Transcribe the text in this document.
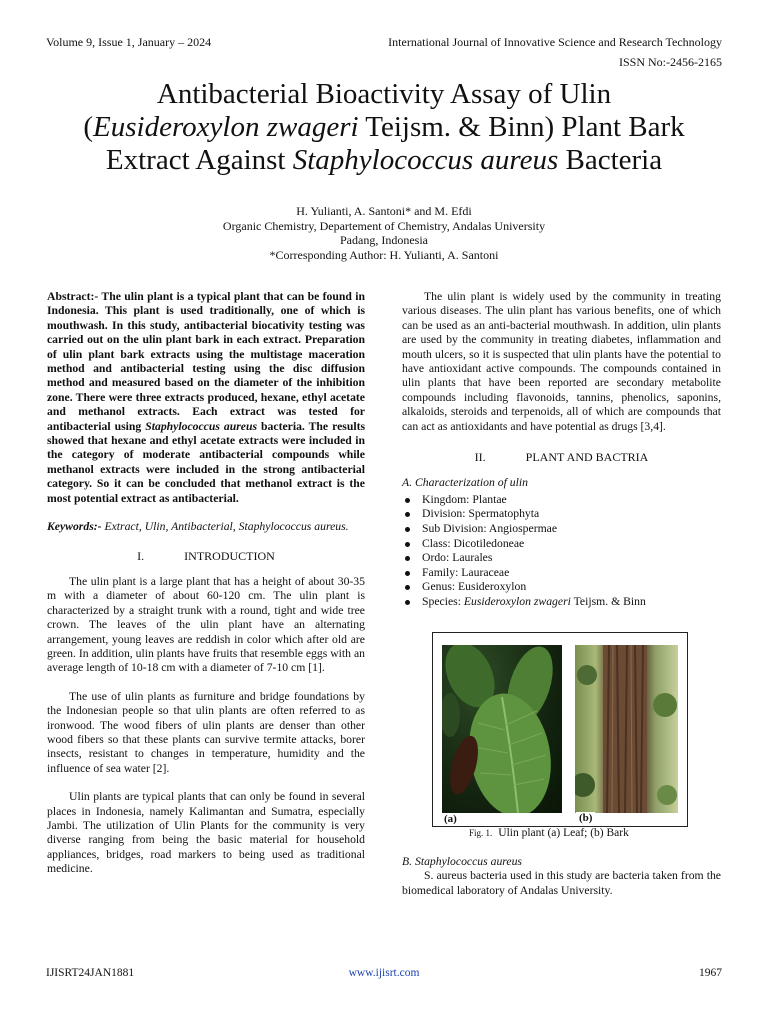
Volume 9, Issue 1, January – 2024	International Journal of Innovative Science and Research Technology
ISSN No:-2456-2165
Antibacterial Bioactivity Assay of Ulin
(Eusideroxylon zwageri Teijsm. & Binn) Plant Bark
Extract Against Staphylococcus aureus Bacteria
H. Yulianti, A. Santoni* and M. Efdi
Organic Chemistry, Departement of Chemistry, Andalas University
Padang, Indonesia
*Corresponding Author: H. Yulianti, A. Santoni

Abstract:- The ulin plant is a typical plant that can be found in Indonesia. This plant is used traditionally, one of which is mouthwash. In this study, antibacterial biocativity testing was carried out on the ulin plant bark in each extract. Preparation of ulin plant bark extracts using the multistage maceration method and antibacterial testing using the disc diffusion method and measured based on the diameter of the inhibition zone. There were three extracts produced, hexane, ethyl acetate and methanol extracts. Each extract was tested for antibacterial using Staphylococcus aureus bacteria. The results showed that hexane and ethyl acetate extracts were included in the category of moderate antibacterial compounds while methanol extracts were included in the strong antibacterial category. So it can be concluded that methanol extract is the most potential extract as antibacterial.

Keywords:- Extract, Ulin, Antibacterial, Staphylococcus aureus.

I.	INTRODUCTION

The ulin plant is a large plant that has a height of about 30-35 m with a diameter of about 60-120 cm. The ulin plant is characterized by a straight trunk with a round, tight and wide tree crown. The leaves of the ulin plant have an alternating arrangement, young leaves are reddish in color which after old are green. In addition, ulin plants have fruits that resemble eggs with an average length of 10-18 cm with a diameter of 7-10 cm [1].

The use of ulin plants as furniture and bridge foundations by the Indonesian people so that ulin plants are often referred to as ironwood. The wood fibers of ulin plants are denser than other wood fibers so that these plants can survive termite attacks, borer insects, resistant to changes in temperature, humidity and the influence of sea water [2].

Ulin plants are typical plants that can only be found in several places in Indonesia, namely Kalimantan and Sumatra, especially Jambi. The utilization of Ulin Plants for the community is very diverse ranging from being the basic material for household appliances, bridges, road markers to being used as traditional medicine.

The ulin plant is widely used by the community in treating various diseases. The ulin plant has various benefits, one of which can be used as an anti-bacterial mouthwash. In addition, ulin plants are used by the community in treating diabetes, inflammation and mouth ulcers, so it is suspected that ulin plants have the potential to have antioxidant active compounds. The compounds contained in ulin plants that have been reported are secondary metabolite compounds including flavonoids, tannins, phenolics, saponins, alkaloids, steroids and terpenoids, all of which are compounds that can act as antioxidants and have potential as drugs [3,4].

II.	PLANT AND BACTRIA

A. Characterization of ulin

Kingdom: Plantae
Division: Spermatophyta
Sub Division: Angiospermae
Class: Dicotiledoneae
Ordo: Laurales
Family: Lauraceae
Genus: Eusideroxylon
Species: Eusideroxylon zwageri Teijsm. & Binn
(a)	(b)
Fig. 1. Ulin plant (a) Leaf; (b) Bark
B. Staphylococcus aureus
S. aureus bacteria used in this study are bacteria taken from the biomedical laboratory of Andalas University.
IJISRT24JAN1881	www.ijisrt.com	1967
